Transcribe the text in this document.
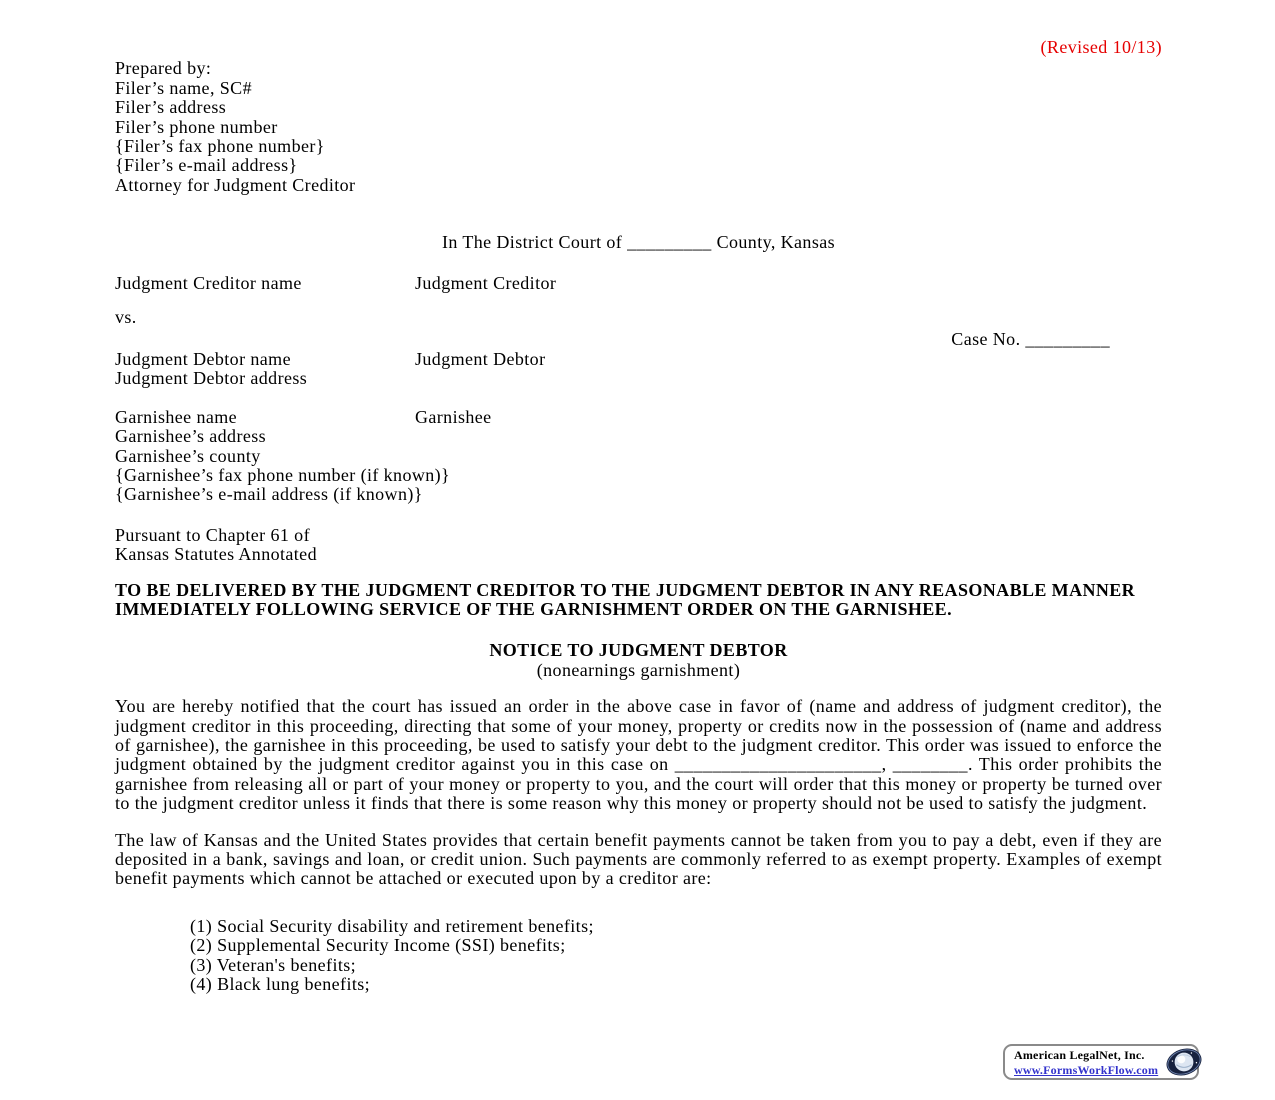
(Revised 10/13)
Prepared by:
Filer’s name, SC#
Filer’s address
Filer’s phone number
{Filer’s fax phone number}
{Filer’s e-mail address}
Attorney for Judgment Creditor
In The District Court of _________ County, Kansas
Judgment Creditor name	Judgment Creditor
vs.
Case No. _________
Judgment Debtor name	Judgment Debtor
Judgment Debtor address
Garnishee name	Garnishee
Garnishee’s address
Garnishee’s county
{Garnishee’s fax phone number (if known)}
{Garnishee’s e-mail address (if known)}
Pursuant to Chapter 61 of
Kansas Statutes Annotated
TO BE DELIVERED BY THE JUDGMENT CREDITOR TO THE JUDGMENT DEBTOR IN ANY REASONABLE MANNER IMMEDIATELY FOLLOWING SERVICE OF THE GARNISHMENT ORDER ON THE GARNISHEE.
NOTICE TO JUDGMENT DEBTOR
(nonearnings garnishment)

You are hereby notified that the court has issued an order in the above case in favor of (name and address of judgment creditor), the judgment creditor in this proceeding, directing that some of your money, property or credits now in the possession of (name and address of garnishee), the garnishee in this proceeding, be used to satisfy your debt to the judgment creditor. This order was issued to enforce the judgment obtained by the judgment creditor against you in this case on ______________________, ________. This order prohibits the garnishee from releasing all or part of your money or property to you, and the court will order that this money or property be turned over to the judgment creditor unless it finds that there is some reason why this money or property should not be used to satisfy the judgment.

The law of Kansas and the United States provides that certain benefit payments cannot be taken from you to pay a debt, even if they are deposited in a bank, savings and loan, or credit union. Such payments are commonly referred to as exempt property. Examples of exempt benefit payments which cannot be attached or executed upon by a creditor are:

(1) Social Security disability and retirement benefits;
(2) Supplemental Security Income (SSI) benefits;
(3) Veteran's benefits;
(4) Black lung benefits;
American LegalNet, Inc.
www.FormsWorkFlow.com
